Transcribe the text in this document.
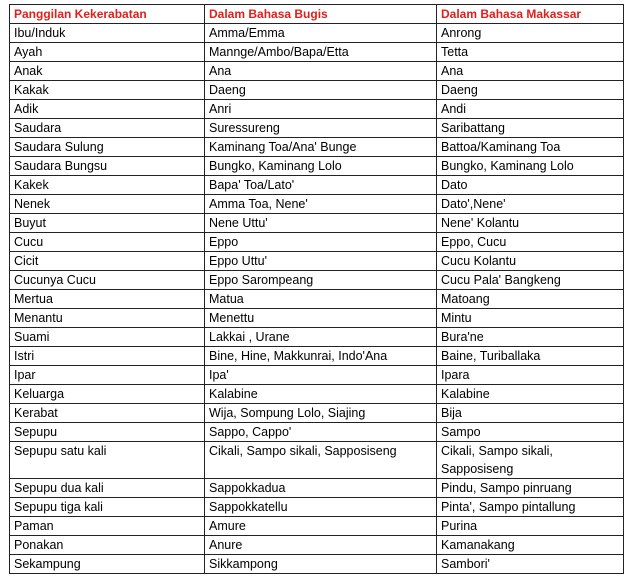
Panggilan Kekerabatan	Dalam Bahasa Bugis	Dalam Bahasa Makassar
Ibu/Induk	Amma/Emma	Anrong
Ayah	Mannge/Ambo/Bapa/Etta	Tetta
Anak	Ana	Ana
Kakak	Daeng	Daeng
Adik	Anri	Andi
Saudara	Suressureng	Saribattang
Saudara Sulung	Kaminang Toa/Ana' Bunge	Battoa/Kaminang Toa
Saudara Bungsu	Bungko, Kaminang Lolo	Bungko, Kaminang Lolo
Kakek	Bapa' Toa/Lato'	Dato
Nenek	Amma Toa, Nene'	Dato',Nene'
Buyut	Nene Uttu'	Nene' Kolantu
Cucu	Eppo	Eppo, Cucu
Cicit	Eppo Uttu'	Cucu Kolantu
Cucunya Cucu	Eppo Sarompeang	Cucu Pala' Bangkeng
Mertua	Matua	Matoang
Menantu	Menettu	Mintu
Suami	Lakkai , Urane	Bura'ne
Istri	Bine, Hine, Makkunrai, Indo'Ana	Baine, Turiballaka
Ipar	Ipa'	Ipara
Keluarga	Kalabine	Kalabine
Kerabat	Wija, Sompung Lolo, Siajing	Bija
Sepupu	Sappo, Cappo'	Sampo
Sepupu satu kali	Cikali, Sampo sikali, Sapposiseng	Cikali, Sampo sikali, Sapposiseng
Sepupu dua kali	Sappokkadua	Pindu, Sampo pinruang
Sepupu tiga kali	Sappokkatellu	Pinta', Sampo pintallung
Paman	Amure	Purina
Ponakan	Anure	Kamanakang
Sekampung	Sikkampong	Sambori'
